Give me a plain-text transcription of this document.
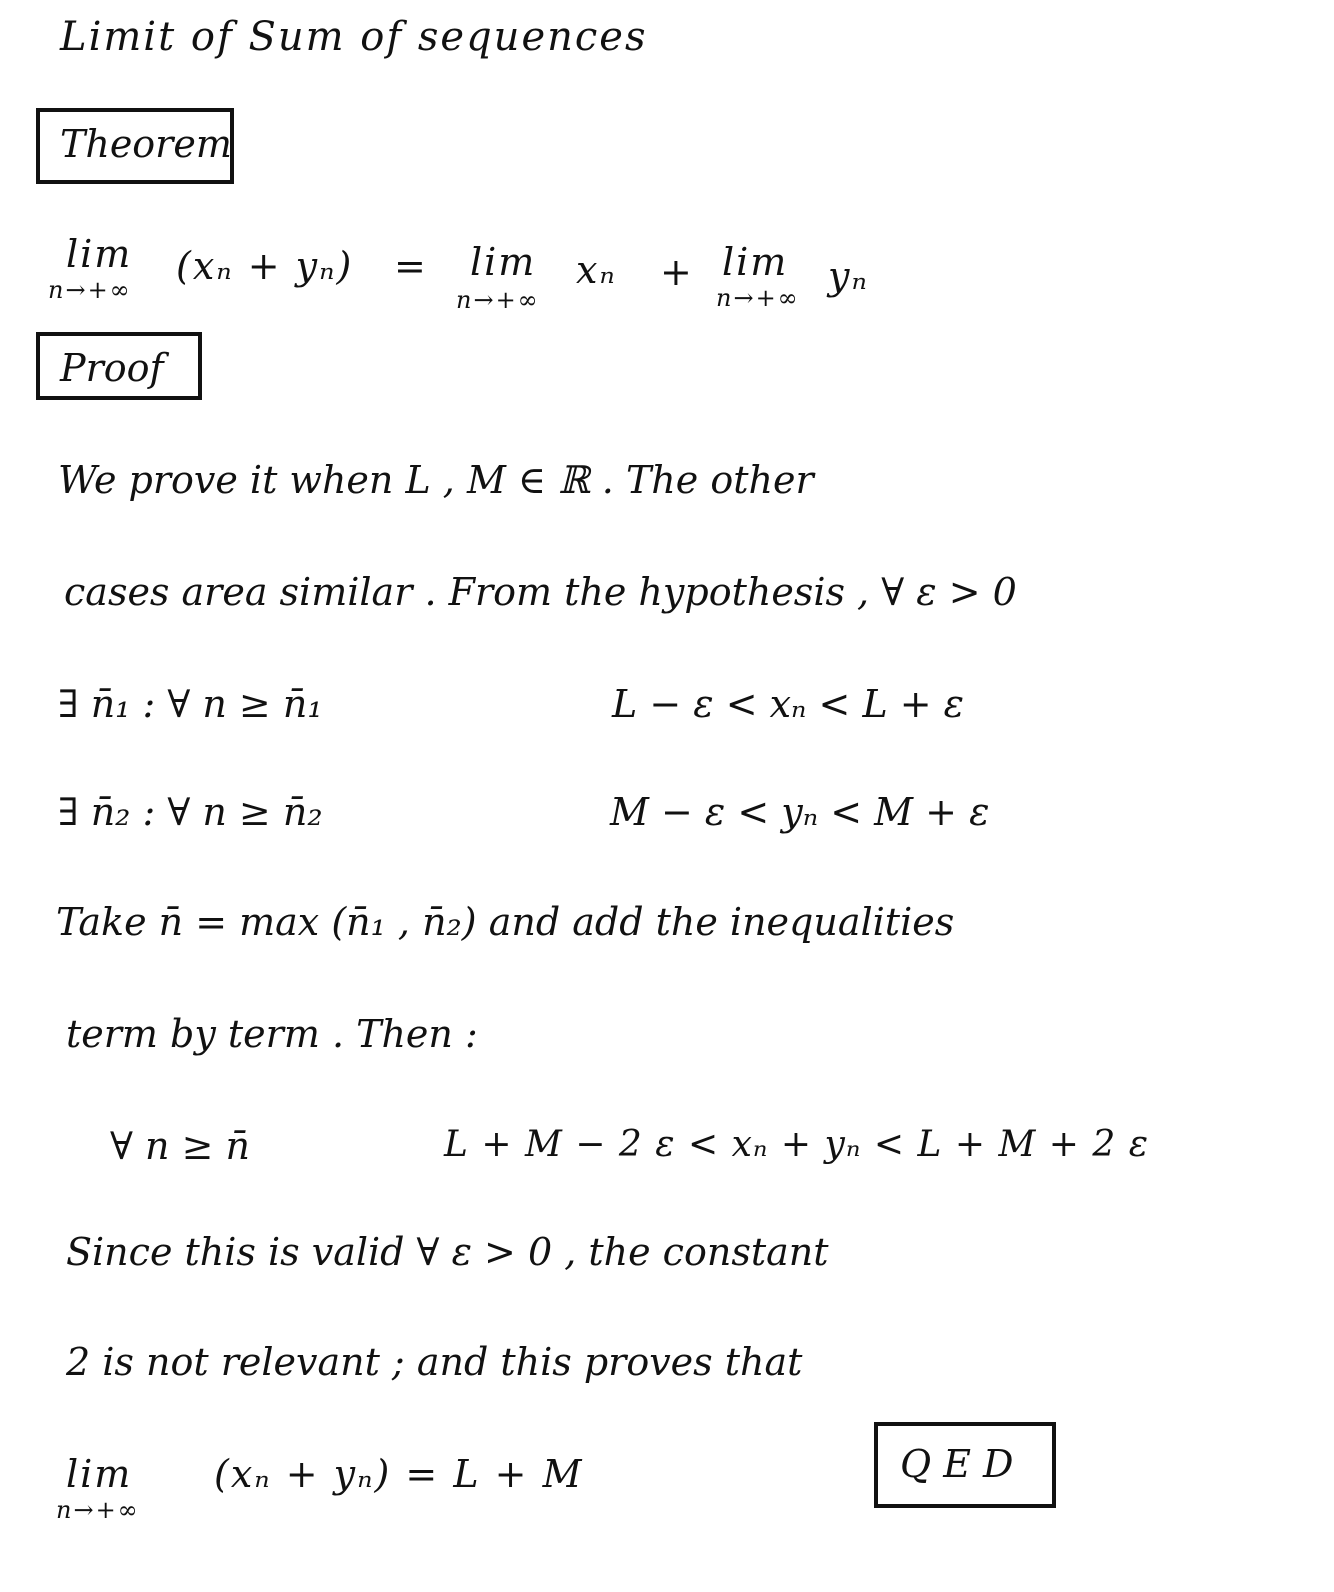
Limit of Sum of sequences
Theorem
lim
n→+∞
(xₙ + yₙ) = lim
n→+∞
xₙ + lim
n→+∞ yₙ
Proof
We prove it when L , M ∈ ℝ . The other
cases area similar . From the hypothesis , ∀ ε > 0
∃ n̄₁ : ∀ n ≥ n̄₁	L − ε < xₙ < L + ε
∃ n̄₂ : ∀ n ≥ n̄₂	M − ε < yₙ < M + ε
Take n̄ = max (n̄₁ , n̄₂) and add the inequalities
term by term . Then :
∀ n ≥ n̄	L + M − 2 ε < xₙ + yₙ < L + M + 2 ε
Since this is valid ∀ ε > 0 , the constant
2 is not relevant ; and this proves that
lim
n→+∞
(xₙ + yₙ) = L + M	Q E D
